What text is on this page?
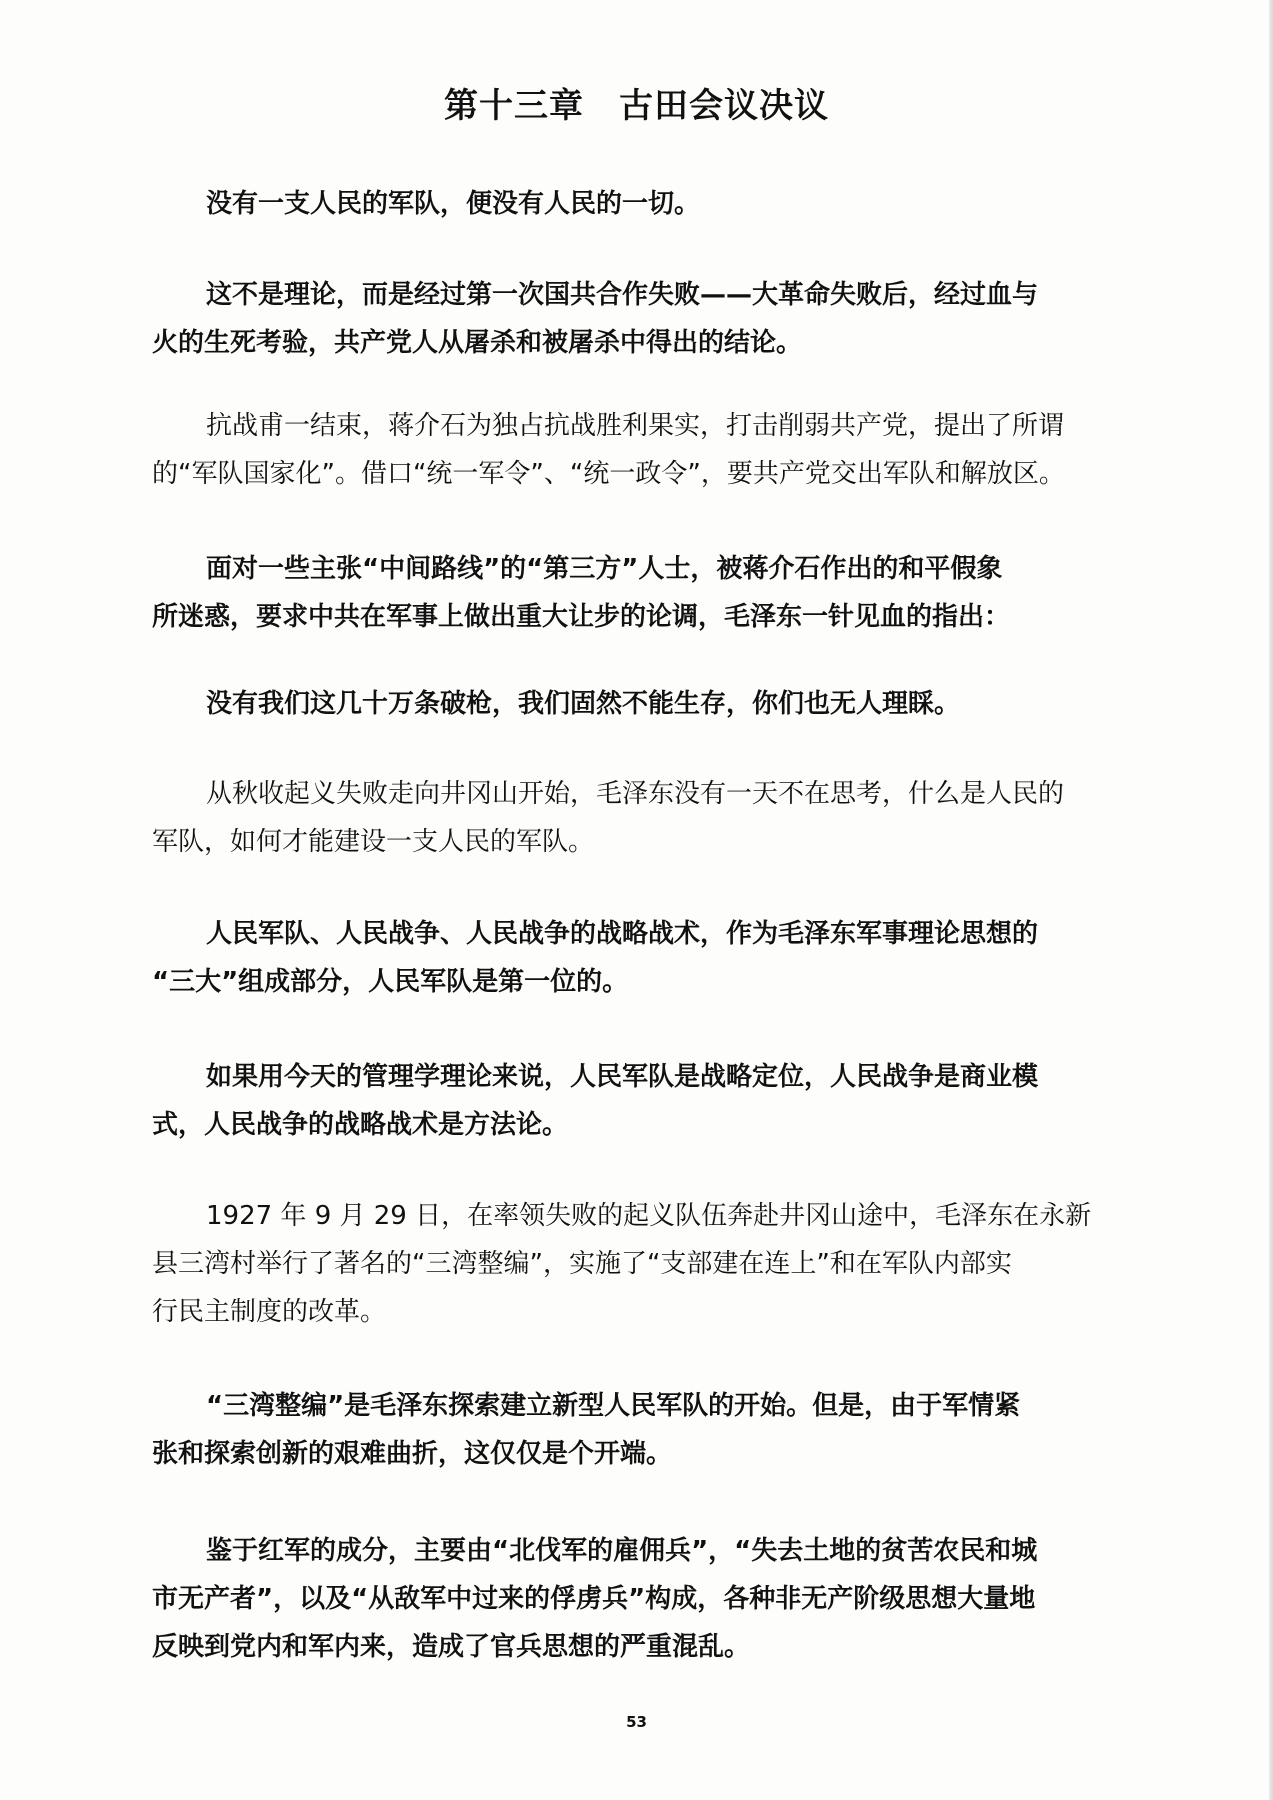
第十三章　古田会议决议
没有一支人民的军队，便没有人民的一切。
这不是理论，而是经过第一次国共合作失败——大革命失败后，经过血与
火的生死考验，共产党人从屠杀和被屠杀中得出的结论。
抗战甫一结束，蒋介石为独占抗战胜利果实，打击削弱共产党，提出了所谓
的“军队国家化”。借口“统一军令”、“统一政令”，要共产党交出军队和解放区。
面对一些主张“中间路线”的“第三方”人士，被蒋介石作出的和平假象
所迷惑，要求中共在军事上做出重大让步的论调，毛泽东一针见血的指出：
没有我们这几十万条破枪，我们固然不能生存，你们也无人理睬。
从秋收起义失败走向井冈山开始，毛泽东没有一天不在思考，什么是人民的
军队，如何才能建设一支人民的军队。
人民军队、人民战争、人民战争的战略战术，作为毛泽东军事理论思想的
“三大”组成部分，人民军队是第一位的。
如果用今天的管理学理论来说，人民军队是战略定位，人民战争是商业模
式，人民战争的战略战术是方法论。
1927 年 9 月 29 日，在率领失败的起义队伍奔赴井冈山途中，毛泽东在永新
县三湾村举行了著名的“三湾整编”，实施了“支部建在连上”和在军队内部实
行民主制度的改革。
“三湾整编”是毛泽东探索建立新型人民军队的开始。但是，由于军情紧
张和探索创新的艰难曲折，这仅仅是个开端。
鉴于红军的成分，主要由“北伐军的雇佣兵”，“失去土地的贫苦农民和城
市无产者”，以及“从敌军中过来的俘虏兵”构成，各种非无产阶级思想大量地
反映到党内和军内来，造成了官兵思想的严重混乱。

53
